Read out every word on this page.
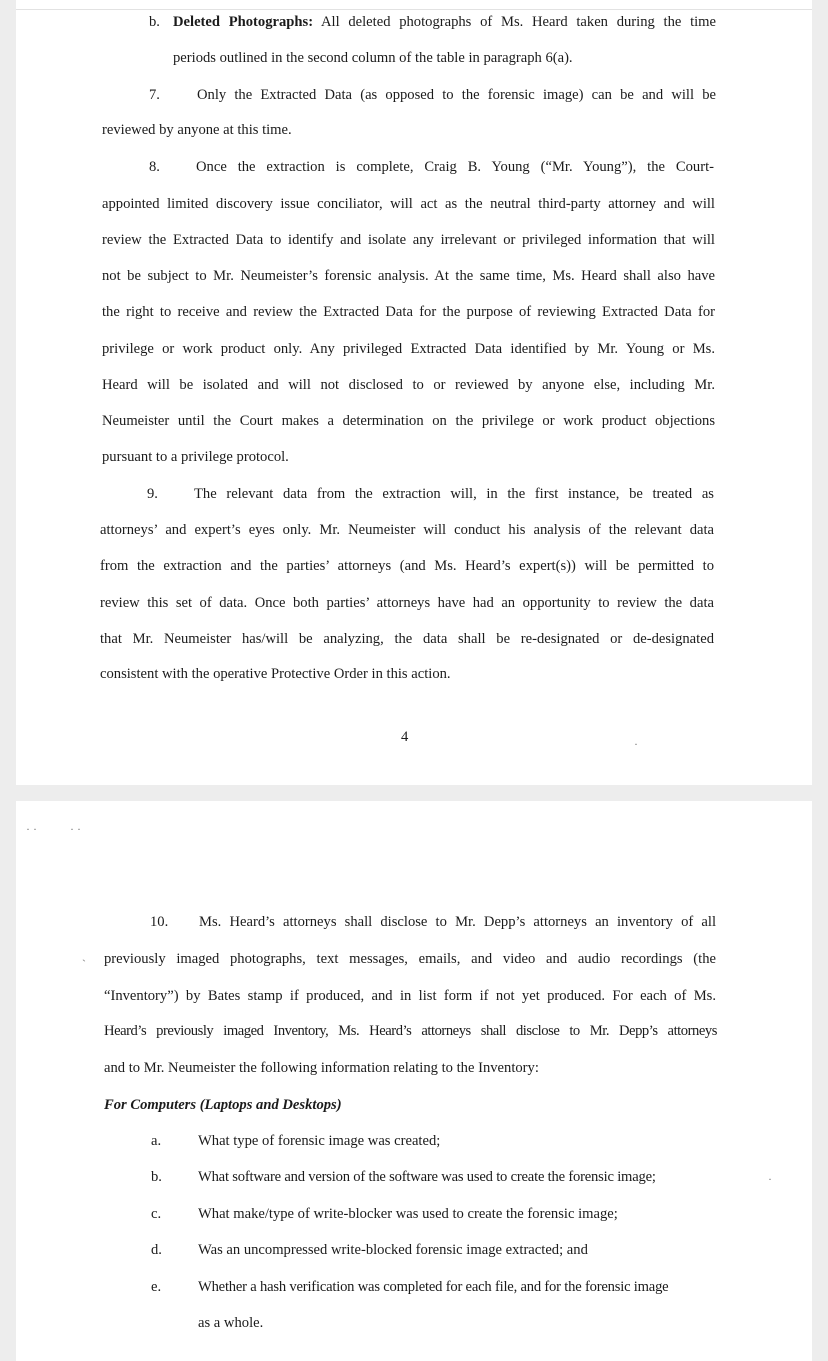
b. Deleted Photographs: All deleted photographs of Ms. Heard taken during the time
periods outlined in the second column of the table in paragraph 6(a).
7.	Only the Extracted Data (as opposed to the forensic image) can be and will be
reviewed by anyone at this time.
8. Once the extraction is complete, Craig B. Young (“Mr. Young”), the Court-
appointed limited discovery issue conciliator, will act as the neutral third-party attorney and will
review the Extracted Data to identify and isolate any irrelevant or privileged information that will
not be subject to Mr. Neumeister’s forensic analysis. At the same time, Ms. Heard shall also have
the right to receive and review the Extracted Data for the purpose of reviewing Extracted Data for
privilege or work product only. Any privileged Extracted Data identified by Mr. Young or Ms.
Heard will be isolated and will not disclosed to or reviewed by anyone else, including Mr.
Neumeister until the Court makes a determination on the privilege or work product objections
pursuant to a privilege protocol.
9. The relevant data from the extraction will, in the first instance, be treated as
attorneys’ and expert’s eyes only. Mr. Neumeister will conduct his analysis of the relevant data
from the extraction and the parties’ attorneys (and Ms. Heard’s expert(s)) will be permitted to
review this set of data. Once both parties’ attorneys have had an opportunity to review the data
that Mr. Neumeister has/will be analyzing, the data shall be re-designated or de-designated
consistent with the operative Protective Order in this action.
4	·
· ·	· ·
10. Ms. Heard’s attorneys shall disclose to Mr. Depp’s attorneys an inventory of all
previously imaged photographs, text messages, emails, and video and audio recordings (the
“Inventory”) by Bates stamp if produced, and in list form if not yet produced. For each of Ms.
Heard’s previously imaged Inventory, Ms. Heard’s attorneys shall disclose to Mr. Depp’s attorneys
and to Mr. Neumeister the following information relating to the Inventory:
For Computers (Laptops and Desktops)
a.	What type of forensic image was created;
b. What software and version of the software was used to create the forensic image;
c.	What make/type of write-blocker was used to create the forensic image;
d. Was an uncompressed write-blocked forensic image extracted; and
e.	Whether a hash verification was completed for each file, and for the forensic image
as a whole.
`
·
